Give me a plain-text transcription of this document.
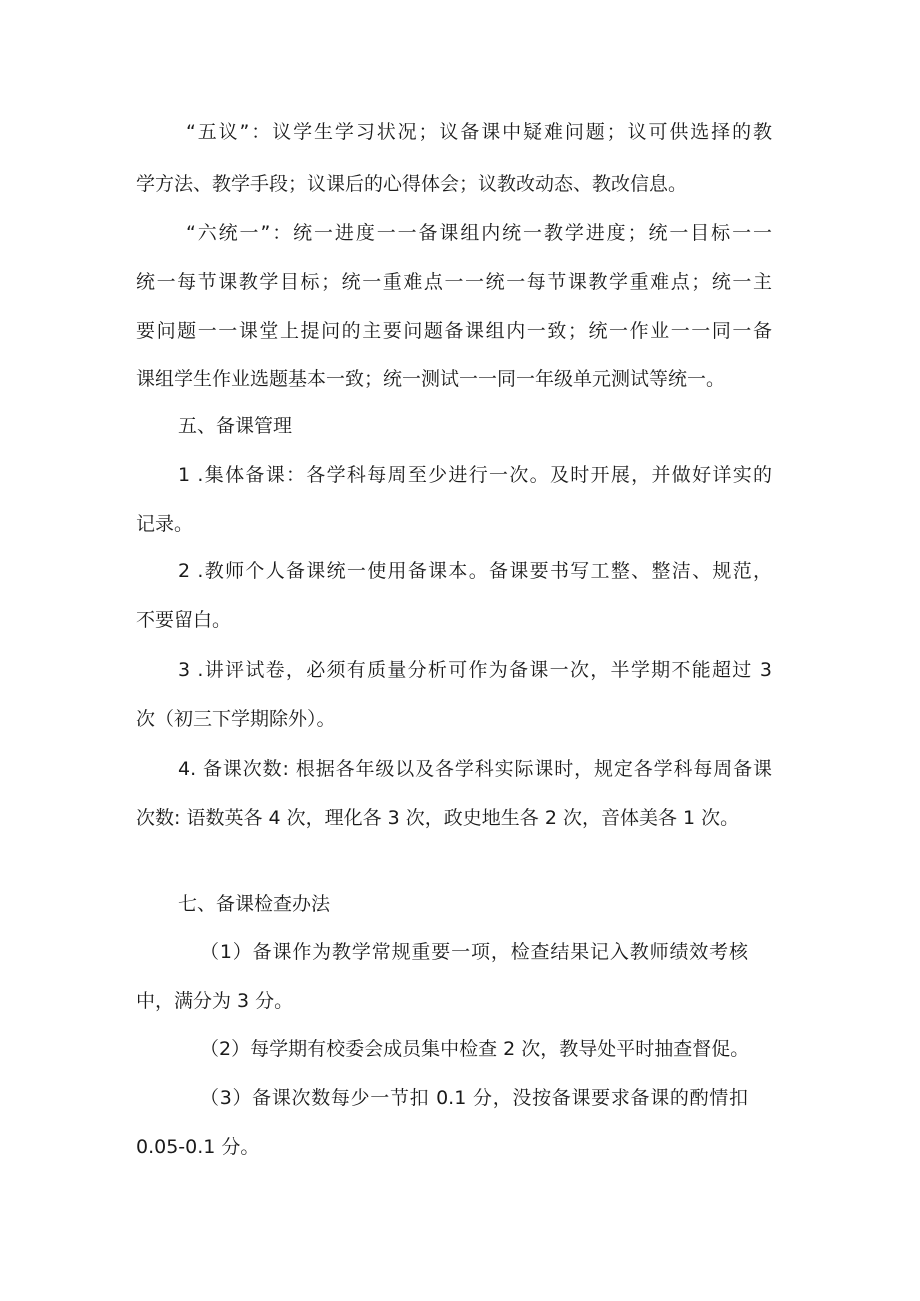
“五议”：议学生学习状况；议备课中疑难问题；议可供选择的教

学方法、教学手段；议课后的心得体会；议教改动态、教改信息。

“六统一”：统一进度一一备课组内统一教学进度；统一目标一一

统一每节课教学目标；统一重难点一一统一每节课教学重难点；统一主

要问题一一课堂上提问的主要问题备课组内一致；统一作业一一同一备

课组学生作业选题基本一致；统一测试一一同一年级单元测试等统一。

五、备课管理

1 .集体备课：各学科每周至少进行一次。及时开展，并做好详实的

记录。

2 .教师个人备课统一使用备课本。备课要书写工整、整洁、规范，

不要留白。

3 .讲评试卷，必须有质量分析可作为备课一次，半学期不能超过 3

次（初三下学期除外）。

4. 备课次数: 根据各年级以及各学科实际课时，规定各学科每周备课

次数: 语数英各 4 次，理化各 3 次，政史地生各 2 次，音体美各 1 次。

七、备课检查办法

（1）备课作为教学常规重要一项，检查结果记入教师绩效考核

中，满分为 3 分。

（2）每学期有校委会成员集中检查 2 次，教导处平时抽查督促。

（3）备课次数每少一节扣 0.1 分，没按备课要求备课的酌情扣

0.05-0.1 分。
